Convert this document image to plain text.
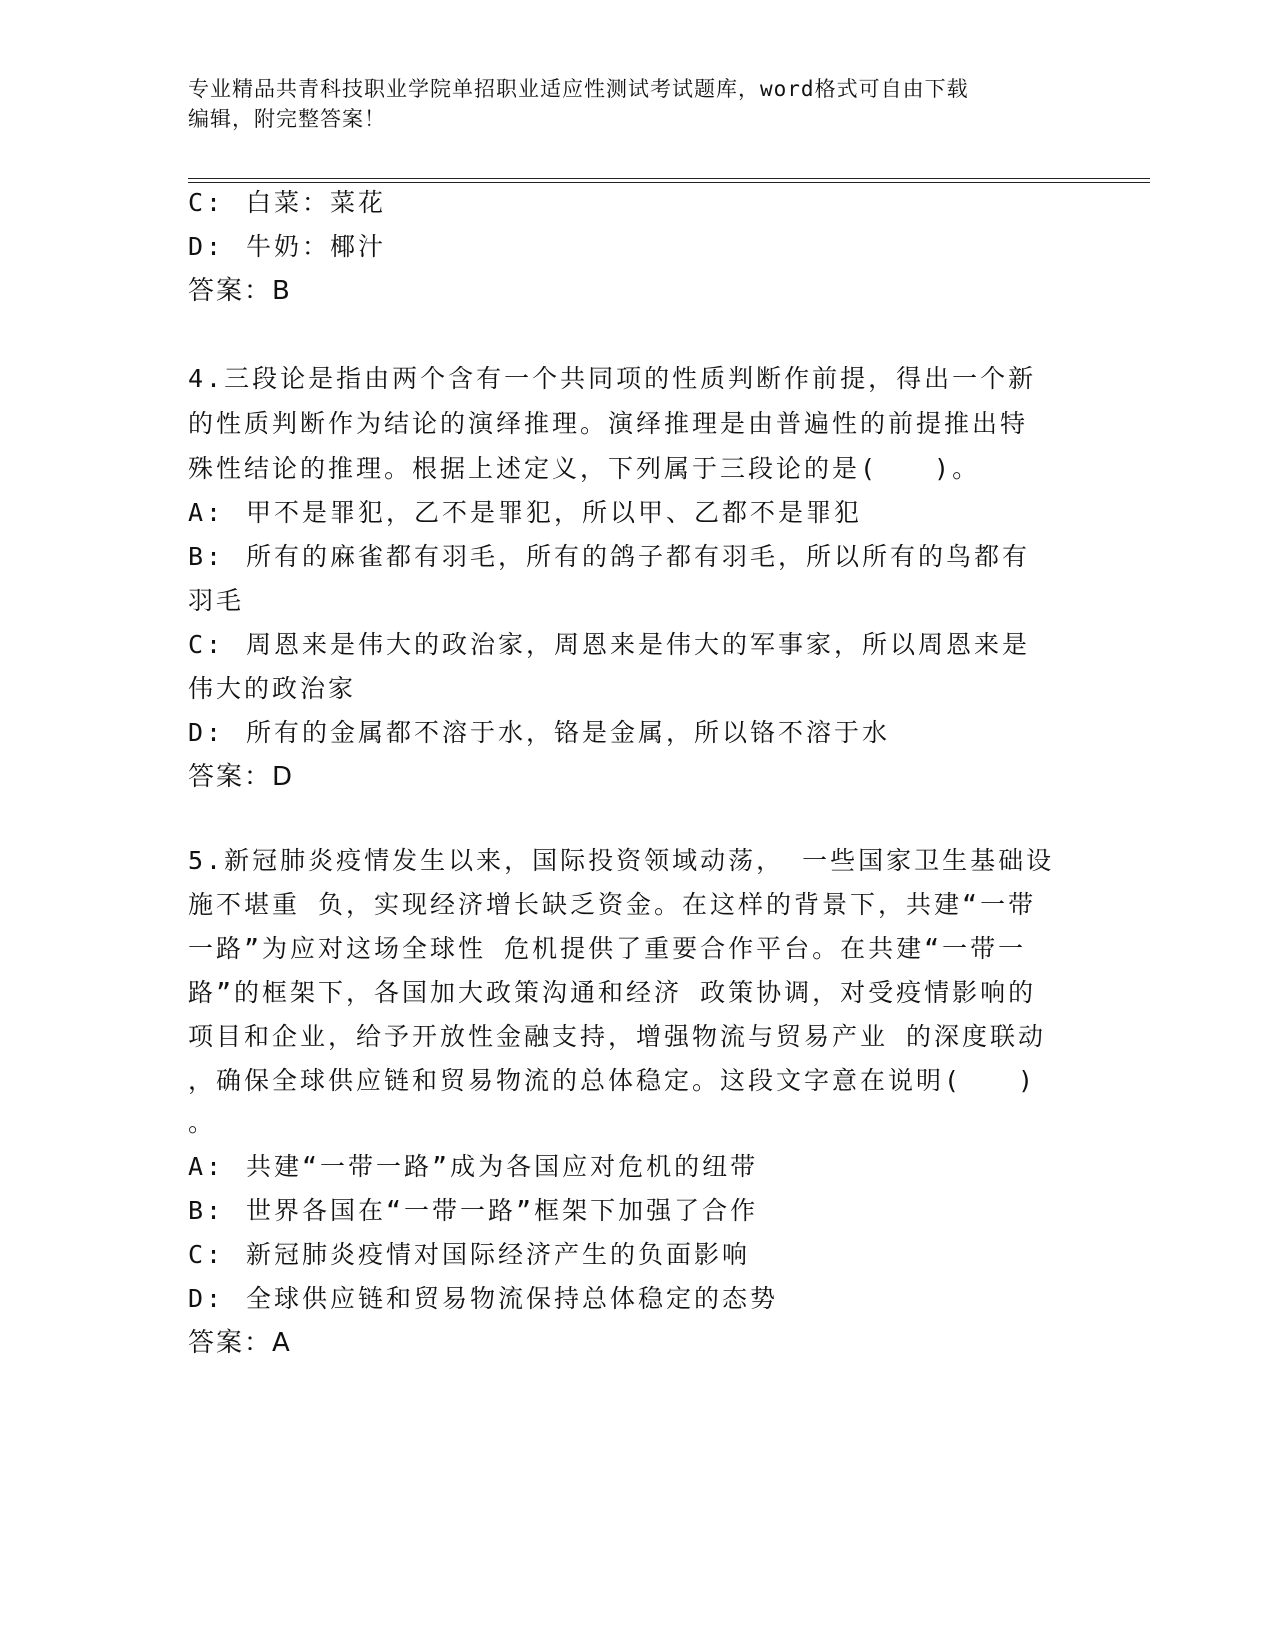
专业精品共青科技职业学院单招职业适应性测试考试题库，word格式可自由下载
编辑，附完整答案！
C: 白菜：菜花
D: 牛奶：椰汁
答案：B
4.三段论是指由两个含有一个共同项的性质判断作前提，得出一个新
的性质判断作为结论的演绎推理。演绎推理是由普遍性的前提推出特
殊性结论的推理。根据上述定义，下列属于三段论的是(　　)。
A: 甲不是罪犯，乙不是罪犯，所以甲、乙都不是罪犯
B: 所有的麻雀都有羽毛，所有的鸽子都有羽毛，所以所有的鸟都有
羽毛
C: 周恩来是伟大的政治家，周恩来是伟大的军事家，所以周恩来是
伟大的政治家
D: 所有的金属都不溶于水，铬是金属，所以铬不溶于水
答案：D
5.新冠肺炎疫情发生以来，国际投资领域动荡， 一些国家卫生基础设
施不堪重 负，实现经济增长缺乏资金。在这样的背景下，共建“一带
一路”为应对这场全球性 危机提供了重要合作平台。在共建“一带一
路”的框架下，各国加大政策沟通和经济 政策协调，对受疫情影响的
项目和企业，给予开放性金融支持，增强物流与贸易产业 的深度联动
，确保全球供应链和贸易物流的总体稳定。这段文字意在说明(　　)
。
A: 共建“一带一路”成为各国应对危机的纽带
B: 世界各国在“一带一路”框架下加强了合作
C: 新冠肺炎疫情对国际经济产生的负面影响
D: 全球供应链和贸易物流保持总体稳定的态势
答案：A
